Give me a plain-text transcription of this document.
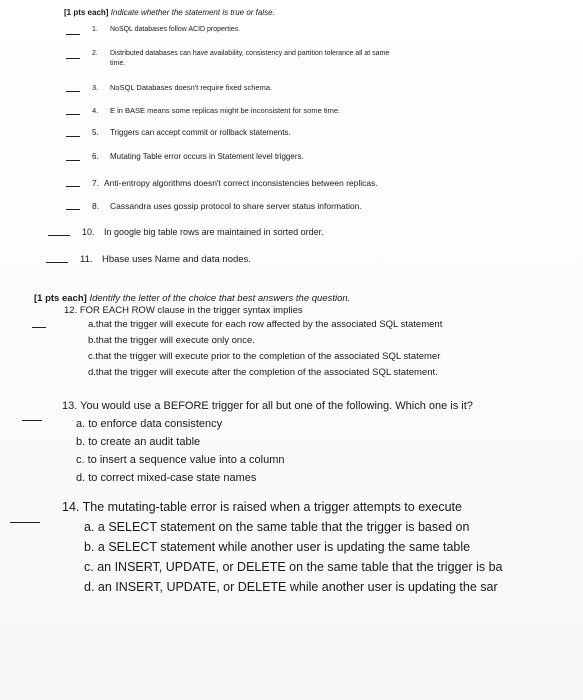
[1 pts each] Indicate whether the statement is true or false.
1. NoSQL databases follow ACID properties.
2. Distributed databases can have availability, consistency and partition tolerance all at same
time.
3. NoSQL Databases doesn't require fixed schema.
4. E in BASE means some replicas might be inconsistent for some time.
5. Triggers can accept commit or rollback statements.
6. Mutating Table error occurs in Statement level triggers.
7. Anti-entropy algorithms doesn't correct inconsistencies between replicas.
8. Cassandra uses gossip protocol to share server status information.
10. In google big table rows are maintained in sorted order.
11. Hbase uses Name and data nodes.
[1 pts each] Identify the letter of the choice that best answers the question.
12. FOR EACH ROW clause in the trigger syntax implies
a.that the trigger will execute for each row affected by the associated SQL statement
b.that the trigger will execute only once.
c.that the trigger will execute prior to the completion of the associated SQL statemer
d.that the trigger will execute after the completion of the associated SQL statement.
13. You would use a BEFORE trigger for all but one of the following. Which one is it?
a. to enforce data consistency
b. to create an audit table
c. to insert a sequence value into a column
d. to correct mixed-case state names
14. The mutating-table error is raised when a trigger attempts to execute
a. a SELECT statement on the same table that the trigger is based on
b. a SELECT statement while another user is updating the same table
c. an INSERT, UPDATE, or DELETE on the same table that the trigger is ba
d. an INSERT, UPDATE, or DELETE while another user is updating the sar
